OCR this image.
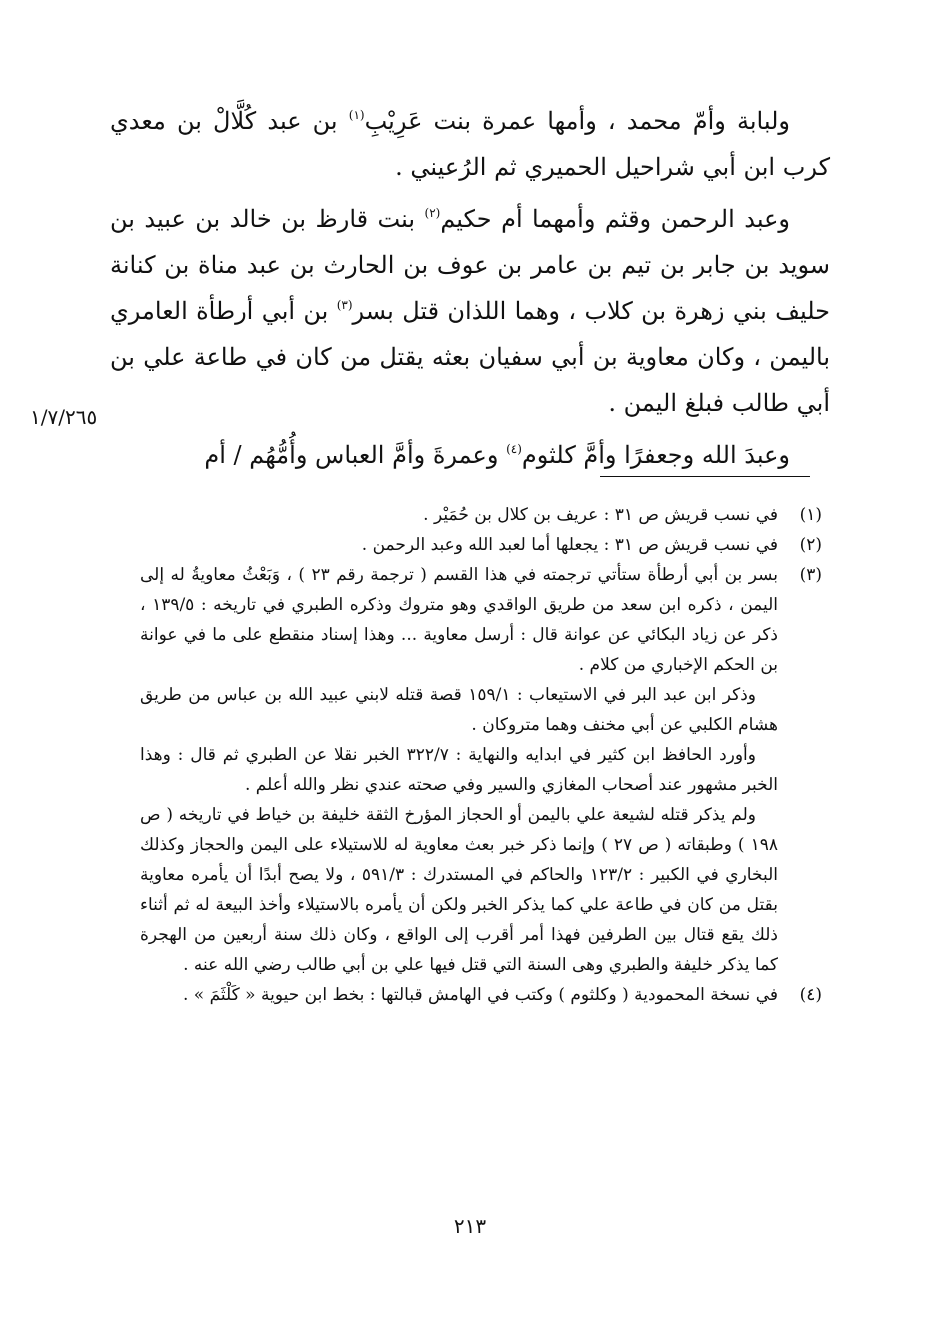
ولبابة وأمّ محمد ، وأمها عمرة بنت عَرِيْبِ$^{(١)}$ بن عبد كُلَّالْ بن معدي كرب ابن أبي شراحيل الحميري ثم الرُعيني .

وعبد الرحمن وقثم وأمهما أم حكيم$^{(٢)}$ بنت قارظ بن خالد بن عبيد بن سويد بن جابر بن تيم بن عامر بن عوف بن الحارث بن عبد مناة بن كنانة حليف بني زهرة بن كلاب ، وهما اللذان قتل بسر$^{(٣)}$ بن أبي أرطأة العامري باليمن ، وكان معاوية بن أبي سفيان بعثه يقتل من كان في طاعة علي بن أبي طالب فبلغ اليمن .

وعبدَ الله وجعفرًا وأمَّ كلثوم$^{(٤)}$ وعمرةَ وأمَّ العباس وأُمُّهُم / أم

١/٧/٢٦٥
(١)

في نسب قريش ص ٣١ : عريف بن كلال بن حُمَيْر .

(٢)

في نسب قريش ص ٣١ : يجعلها أما لعبد الله وعبد الرحمن .

(٣)

بسر بن أبي أرطأة ستأتي ترجمته في هذا القسم ( ترجمة رقم ٢٣ ) ، وَبَعْثُ معاويةُ له إلى اليمن ، ذكره ابن سعد من طريق الواقدي وهو متروك وذكره الطبري في تاريخه : ١٣٩/٥ ، ذكر عن زياد البكائي عن عوانة قال : أرسل معاوية ... وهذا إسناد منقطع على ما في عوانة بن الحكم الإخباري من كلام .

وذكر ابن عبد البر في الاستيعاب : ١٥٩/١ قصة قتله لابني عبيد الله بن عباس من طريق هشام الكلبي عن أبي مخنف وهما متروكان .

وأورد الحافظ ابن كثير في ابدايه والنهاية : ٣٢٢/٧ الخبر نقلا عن الطبري ثم قال : وهذا الخبر مشهور عند أصحاب المغازي والسير وفي صحته عندي نظر والله أعلم .

ولم يذكر قتله لشيعة علي باليمن أو الحجاز المؤرخ الثقة خليفة بن خياط في تاريخه ( ص ١٩٨ ) وطبقاته ( ص ٢٧ ) وإنما ذكر خبر بعث معاوية له للاستيلاء على اليمن والحجاز وكذلك البخاري في الكبير : ١٢٣/٢ والحاكم في المستدرك : ٥٩١/٣ ، ولا يصح أبدًا أن يأمره معاوية بقتل من كان في طاعة علي كما يذكر الخبر ولكن أن يأمره بالاستيلاء وأخذ البيعة له ثم أثناء ذلك يقع قتال بين الطرفين فهذا أمر أقرب إلى الواقع ، وكان ذلك سنة أربعين من الهجرة كما يذكر خليفة والطبري وهى السنة التي قتل فيها علي بن أبي طالب رضي الله عنه .

(٤)

في نسخة المحمودية ( وكلثوم ) وكتب في الهامش قبالتها : بخط ابن حيوية « كَلْثَمَ » .

٢١٣
